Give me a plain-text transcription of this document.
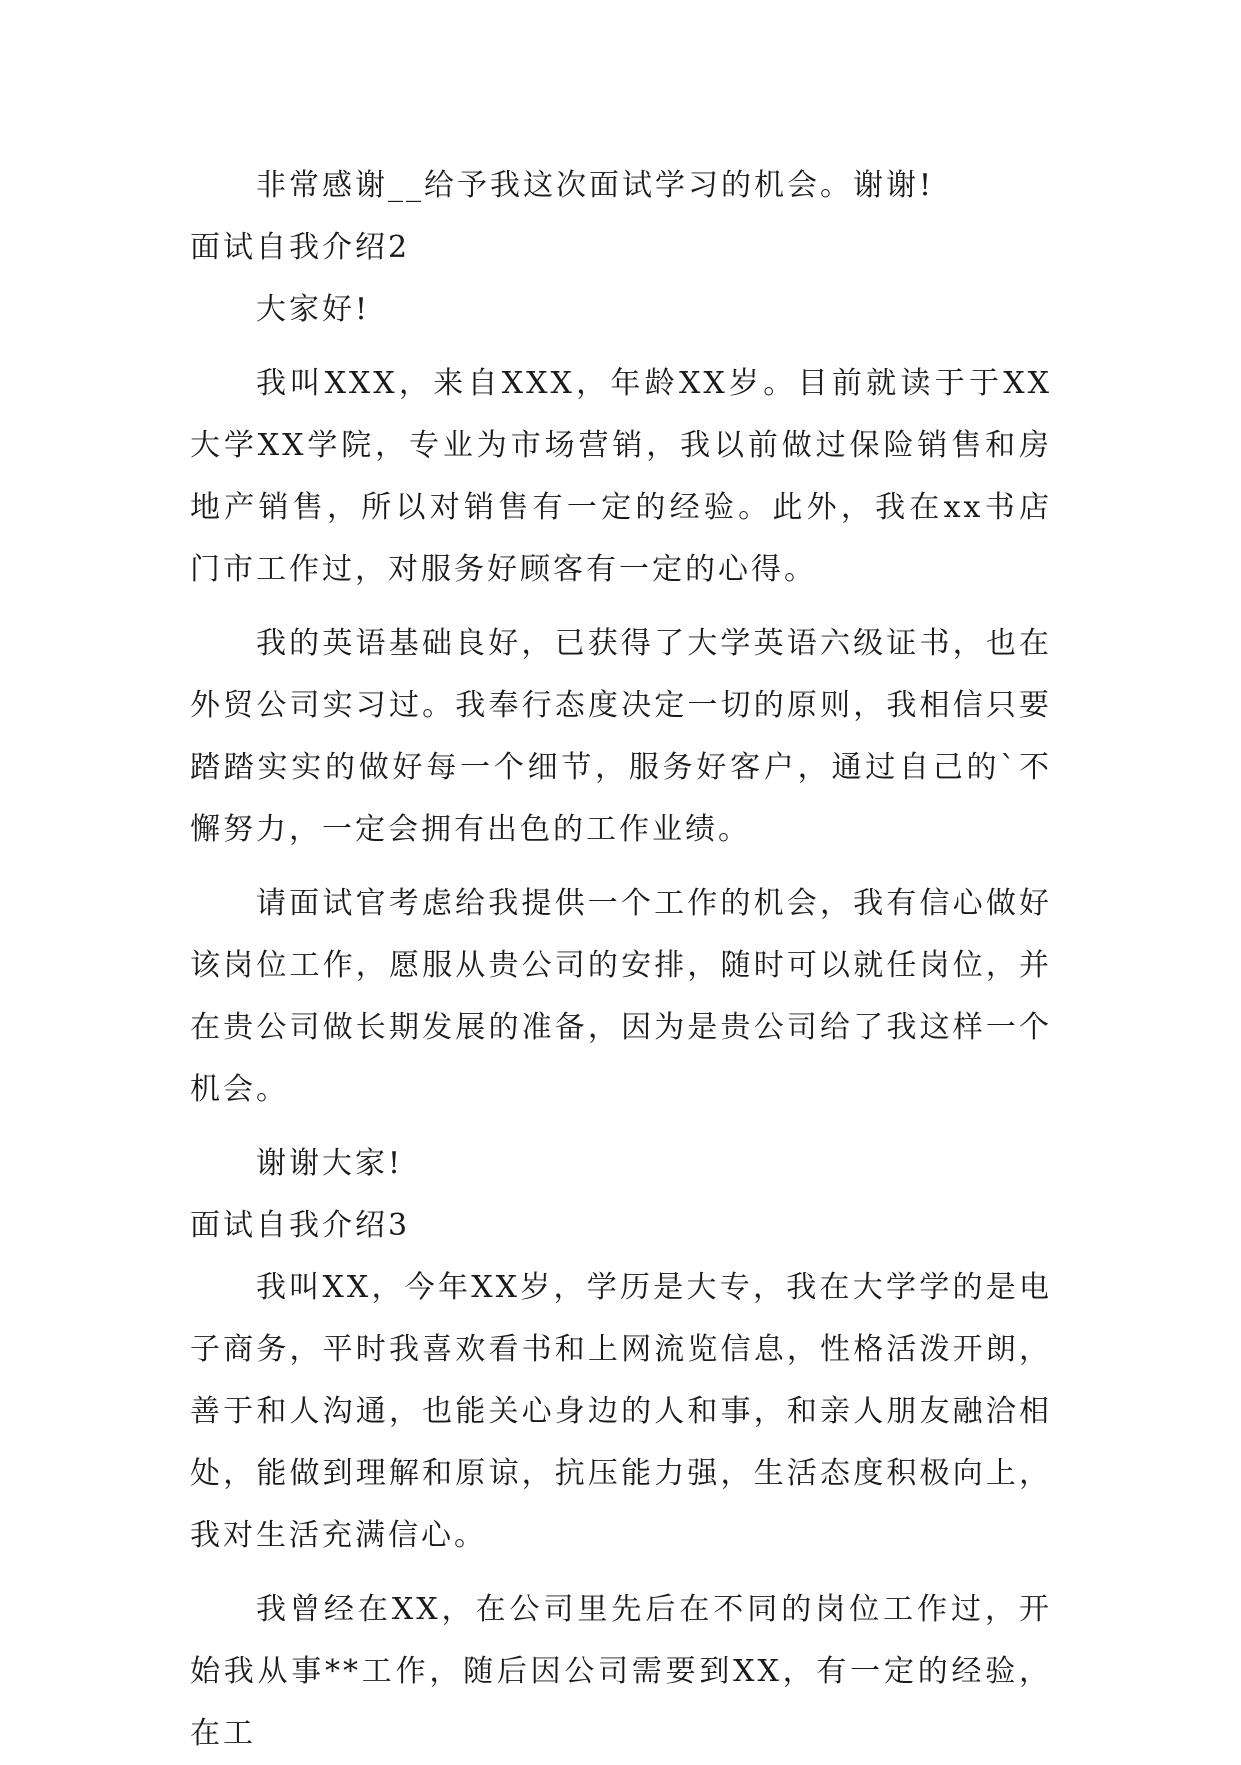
非常感谢__给予我这次面试学习的机会。谢谢!

面试自我介绍2

大家好!

我叫XXX，来自XXX，年龄XX岁。目前就读于于XX大学XX学院，专业为市场营销，我以前做过保险销售和房地产销售，所以对销售有一定的经验。此外，我在xx书店门市工作过，对服务好顾客有一定的心得。

我的英语基础良好，已获得了大学英语六级证书，也在外贸公司实习过。我奉行态度决定一切的原则，我相信只要踏踏实实的做好每一个细节，服务好客户，通过自己的`不懈努力，一定会拥有出色的工作业绩。

请面试官考虑给我提供一个工作的机会，我有信心做好该岗位工作，愿服从贵公司的安排，随时可以就任岗位，并在贵公司做长期发展的准备，因为是贵公司给了我这样一个机会。

谢谢大家!

面试自我介绍3

我叫XX，今年XX岁，学历是大专，我在大学学的是电子商务，平时我喜欢看书和上网流览信息，性格活泼开朗，善于和人沟通，也能关心身边的人和事，和亲人朋友融洽相处，能做到理解和原谅，抗压能力强，生活态度积极向上，我对生活充满信心。

我曾经在XX，在公司里先后在不同的岗位工作过，开始我从事**工作，随后因公司需要到XX，有一定的经验，在工
